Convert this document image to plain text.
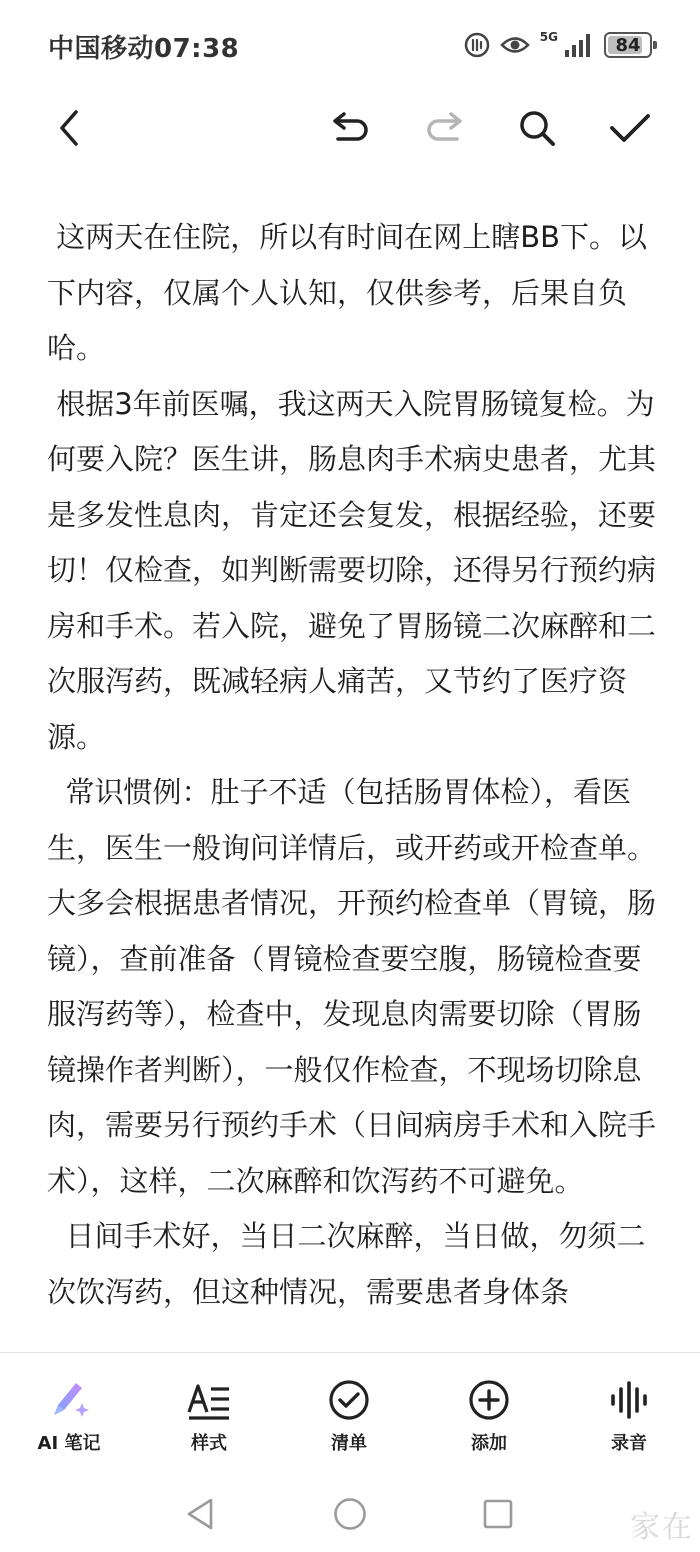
中国移动07:38	5G	84

这两天在住院，所以有时间在网上瞎BB下。以下内容，仅属个人认知，仅供参考，后果自负哈。

根据3年前医嘱，我这两天入院胃肠镜复检。为何要入院？医生讲，肠息肉手术病史患者，尤其是多发性息肉，肯定还会复发，根据经验，还要切！仅检查，如判断需要切除，还得另行预约病房和手术。若入院，避免了胃肠镜二次麻醉和二次服泻药，既减轻病人痛苦，又节约了医疗资源。

常识惯例：肚子不适（包括肠胃体检），看医生，医生一般询问详情后，或开药或开检查单。大多会根据患者情况，开预约检查单（胃镜，肠镜），查前准备（胃镜检查要空腹，肠镜检查要服泻药等），检查中，发现息肉需要切除（胃肠镜操作者判断），一般仅作检查，不现场切除息肉，需要另行预约手术（日间病房手术和入院手术），这样，二次麻醉和饮泻药不可避免。

日间手术好，当日二次麻醉，当日做，勿须二次饮泻药，但这种情况，需要患者身体条

AI 笔记	样式	清单	添加	录音
家在
